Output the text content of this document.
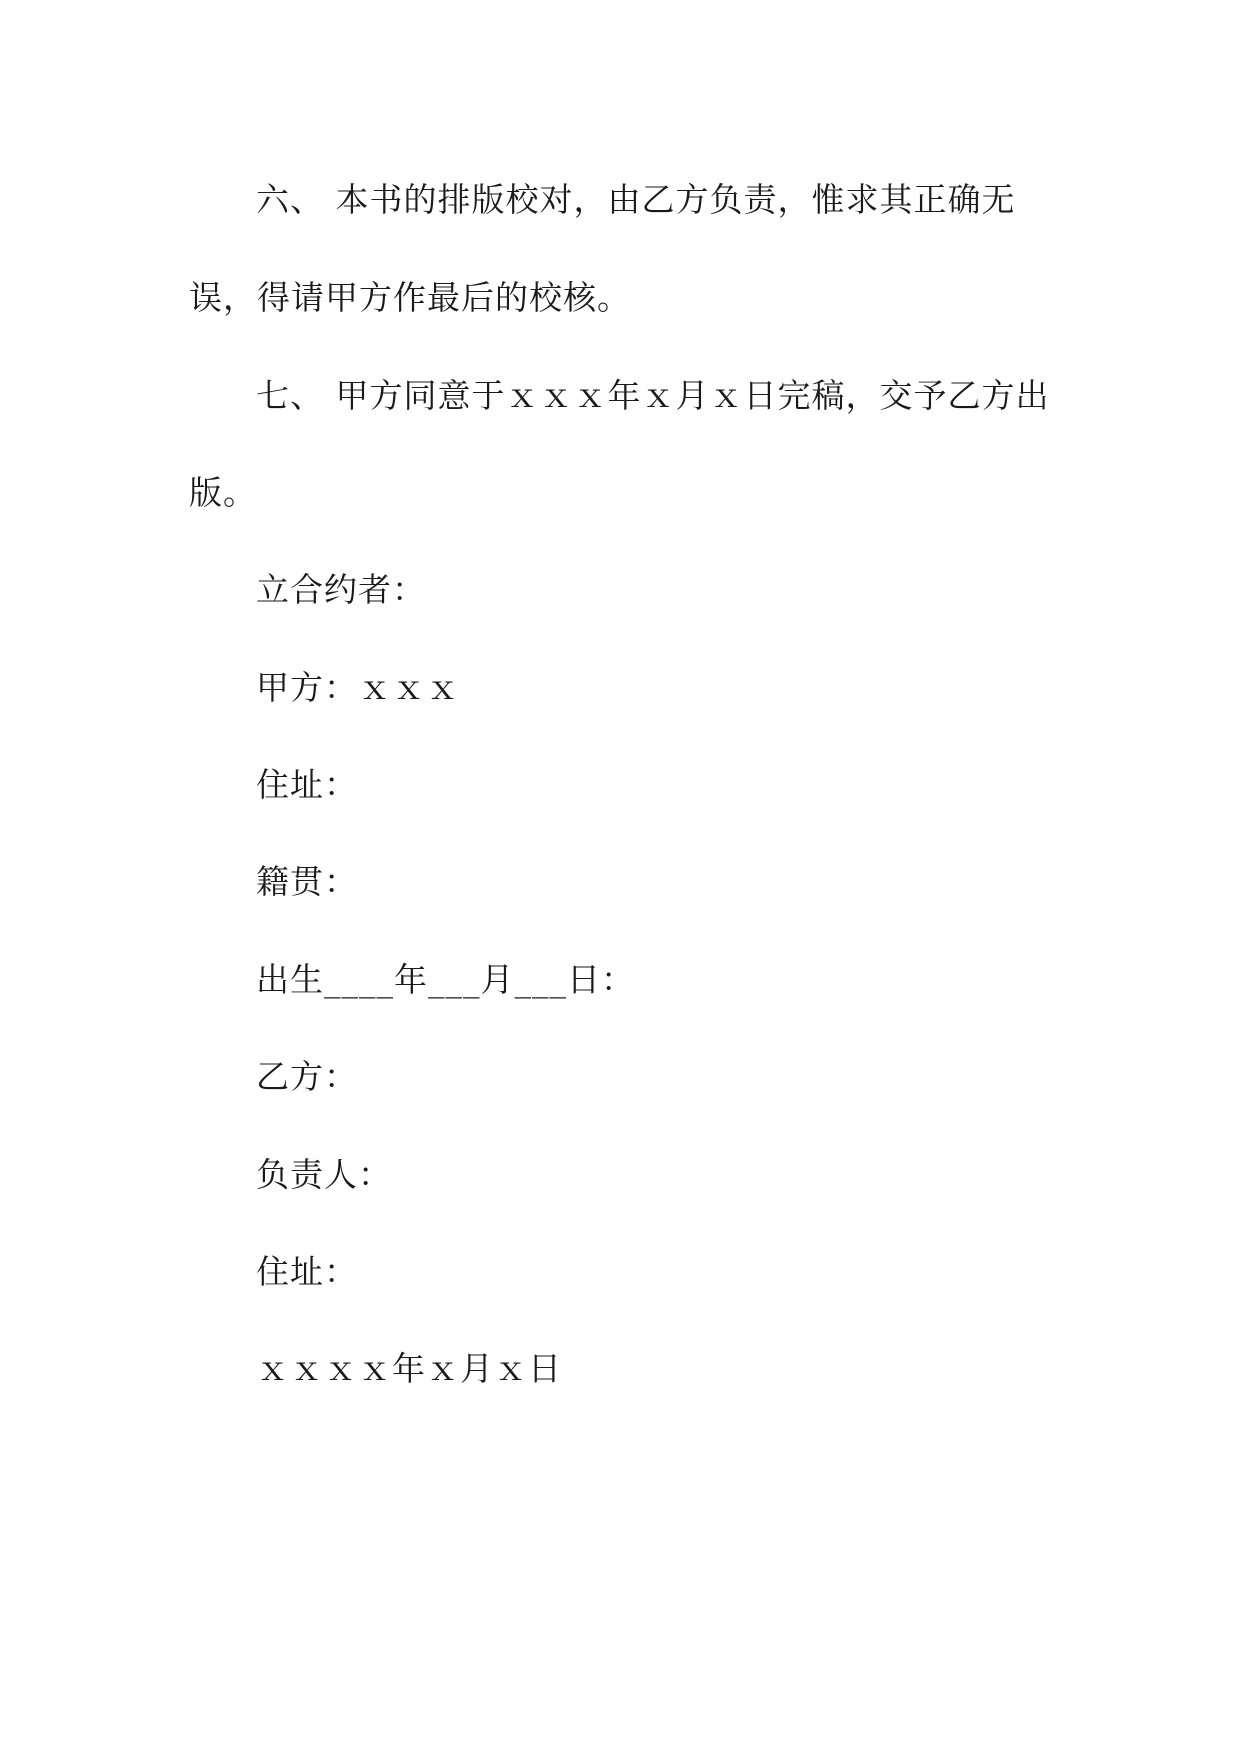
六、 本书的排版校对，由乙方负责，惟求其正确无
误，得请甲方作最后的校核。
七、 甲方同意于ｘｘｘ年ｘ月ｘ日完稿，交予乙方出
版。
立合约者：
甲方：ｘｘｘ
住址：
籍贯：
出生____年___月___日：
乙方：
负责人：
住址：
ｘｘｘｘ年ｘ月ｘ日
